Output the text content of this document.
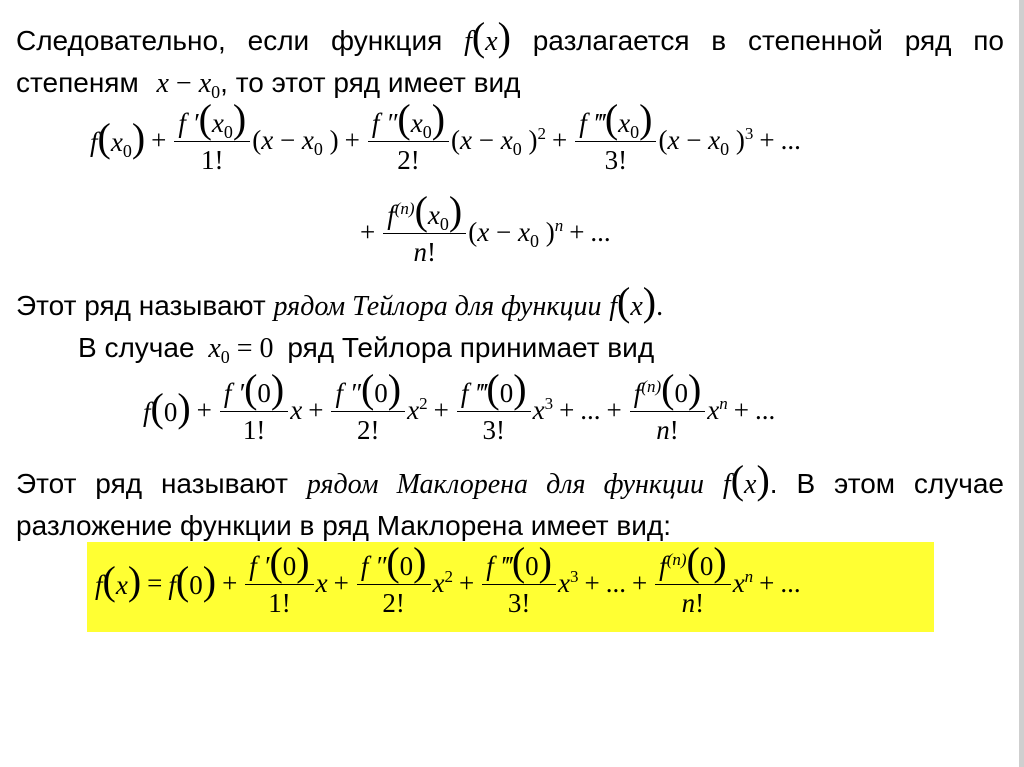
Следовательно, если функция f(x) разлагается в степенной ряд по
степеням $x - x_0$, то этот ряд имеет вид
$f(x_0) + \frac{f '(x_0)}{1!} (x - x_0$ ) + $\frac{f ''(x_0)}{2!} (x - x_0$ )$^2 + \frac{f ‴(x_0)}{3!} (x - x_0$ )$^3$ + ...
+ $\frac{f^{(n)}(x_0)}{n!} (x - x_0$ )$^n$ + ...
Этот ряд называют рядом Тейлора для функции f(x).
В случае $x_0 = 0$ ряд Тейлора принимает вид
$f(0) + \frac{f '(0)}{1!}$ $x + \frac{f ''(0)}{2!} x^2 + \frac{f ‴(0)}{3!} x^3$ + ... + $\frac{f^{(n)}(0)}{n!} x^n$ + ...
Этот ряд называют рядом Маклорена для функции f(x). В этом случае
разложение функции в ряд Маклорена имеет вид:
$f(x) = f(0) + \frac{f '(0)}{1!}$ $x + \frac{f ''(0)}{2!} x^2 + \frac{f ‴(0)}{3!} x^3$ + ... + $\frac{f^{(n)}(0)}{n!} x^n$ + ...
